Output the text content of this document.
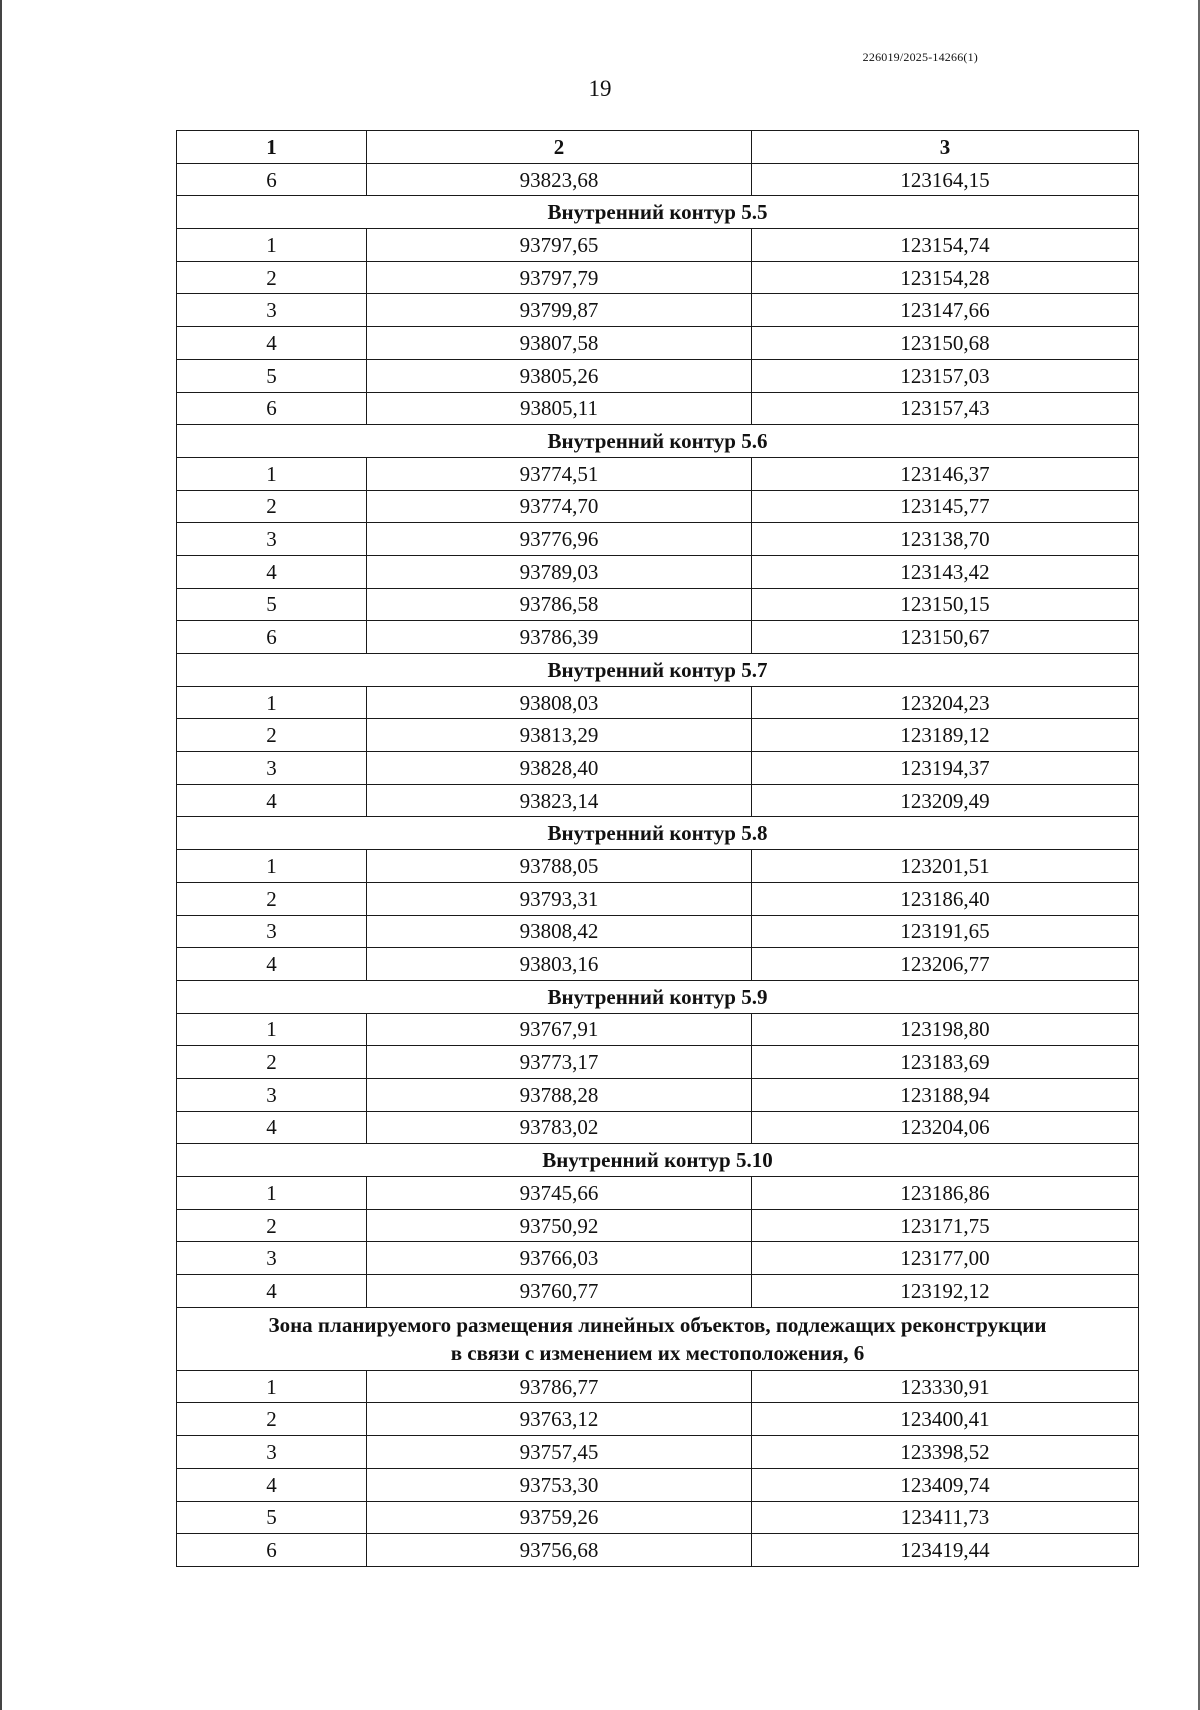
226019/2025-14266(1)
19
1	2	3
6	93823,68	123164,15
Внутренний контур 5.5		
1	93797,65	123154,74
2	93797,79	123154,28
3	93799,87	123147,66
4	93807,58	123150,68
5	93805,26	123157,03
6	93805,11	123157,43
Внутренний контур 5.6		
1	93774,51	123146,37
2	93774,70	123145,77
3	93776,96	123138,70
4	93789,03	123143,42
5	93786,58	123150,15
6	93786,39	123150,67
Внутренний контур 5.7		
1	93808,03	123204,23
2	93813,29	123189,12
3	93828,40	123194,37
4	93823,14	123209,49
Внутренний контур 5.8		
1	93788,05	123201,51
2	93793,31	123186,40
3	93808,42	123191,65
4	93803,16	123206,77
Внутренний контур 5.9		
1	93767,91	123198,80
2	93773,17	123183,69
3	93788,28	123188,94
4	93783,02	123204,06
Внутренний контур 5.10		
1	93745,66	123186,86
2	93750,92	123171,75
3	93766,03	123177,00
4	93760,77	123192,12

Зона планируемого размещения линейных объектов, подлежащих реконструкции
в связи с изменением их местоположения, 6		

1	93786,77	123330,91
2	93763,12	123400,41
3	93757,45	123398,52
4	93753,30	123409,74
5	93759,26	123411,73
6	93756,68	123419,44
